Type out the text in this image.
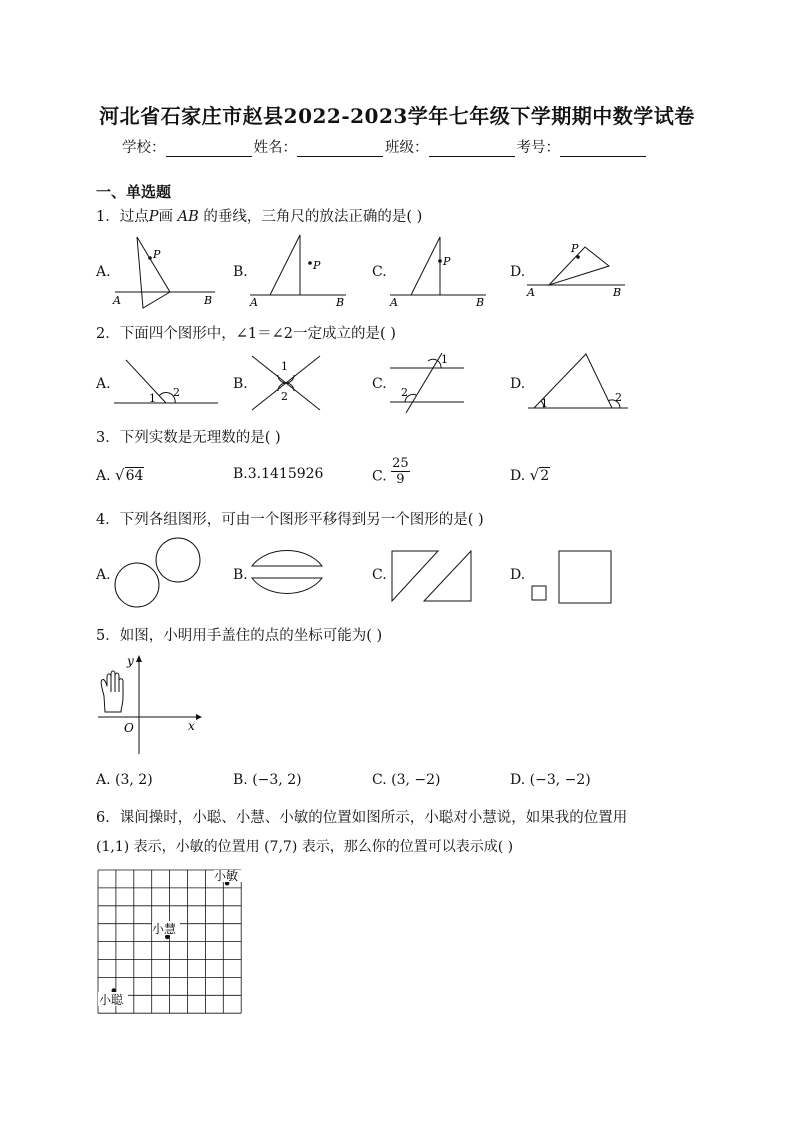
河北省石家庄市赵县2022-2023学年七年级下学期期中数学试卷
学校：	姓名：	班级：	考号：
一、单选题
1．过点P画 AB 的垂线，三角尺的放法正确的是( )
A.
P
A	B
B.	P
A	B
C.
P
A	B
D.
P
A	B
2．下面四个图形中，∠1＝∠2一定成立的是( )
A.
1 2
B.
1
2
C.
1
2
D.
1	2
3．下列实数是无理数的是( )
A. √64	B.3.1415926	C. $\frac{25}{9}$	D. √2
4．下列各组图形，可由一个图形平移得到另一个图形的是( )
A.	B.	C.	D.
5．如图，小明用手盖住的点的坐标可能为( )
x
y
O
A. (3, 2)	B. (−3, 2)	C. (3, −2)	D. (−3, −2)
6．课间操时，小聪、小慧、小敏的位置如图所示，小聪对小慧说，如果我的位置用
(1,1) 表示，小敏的位置用 (7,7) 表示，那么你的位置可以表示成( )
小聪
小慧
小敏
